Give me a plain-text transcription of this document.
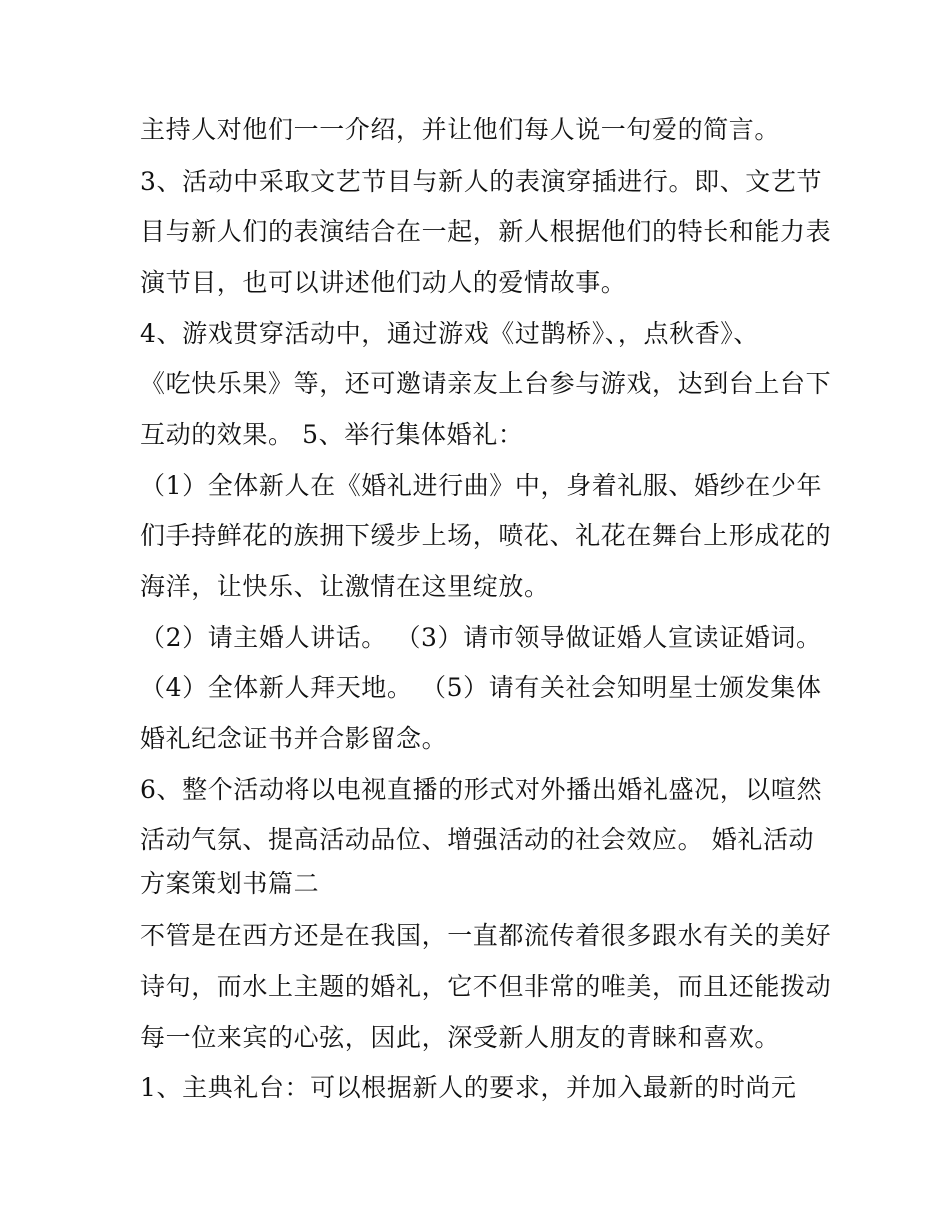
主持人对他们一一介绍，并让他们每人说一句爱的简言。
3、活动中采取文艺节目与新人的表演穿插进行。即、文艺节
目与新人们的表演结合在一起，新人根据他们的特长和能力表
演节目，也可以讲述他们动人的爱情故事。
4、游戏贯穿活动中，通过游戏《过鹊桥》、，点秋香》、
《吃快乐果》等，还可邀请亲友上台参与游戏，达到台上台下
互动的效果。 5、举行集体婚礼：
（1）全体新人在《婚礼进行曲》中，身着礼服、婚纱在少年
们手持鲜花的族拥下缓步上场，喷花、礼花在舞台上形成花的
海洋，让快乐、让激情在这里绽放。
（2）请主婚人讲话。 （3）请市领导做证婚人宣读证婚词。
（4）全体新人拜天地。 （5）请有关社会知明星士颁发集体
婚礼纪念证书并合影留念。
6、整个活动将以电视直播的形式对外播出婚礼盛况，以喧然
活动气氛、提高活动品位、增强活动的社会效应。 婚礼活动
方案策划书篇二
不管是在西方还是在我国，一直都流传着很多跟水有关的美好
诗句，而水上主题的婚礼，它不但非常的唯美，而且还能拨动
每一位来宾的心弦，因此，深受新人朋友的青睐和喜欢。
1、主典礼台：可以根据新人的要求，并加入最新的时尚元
